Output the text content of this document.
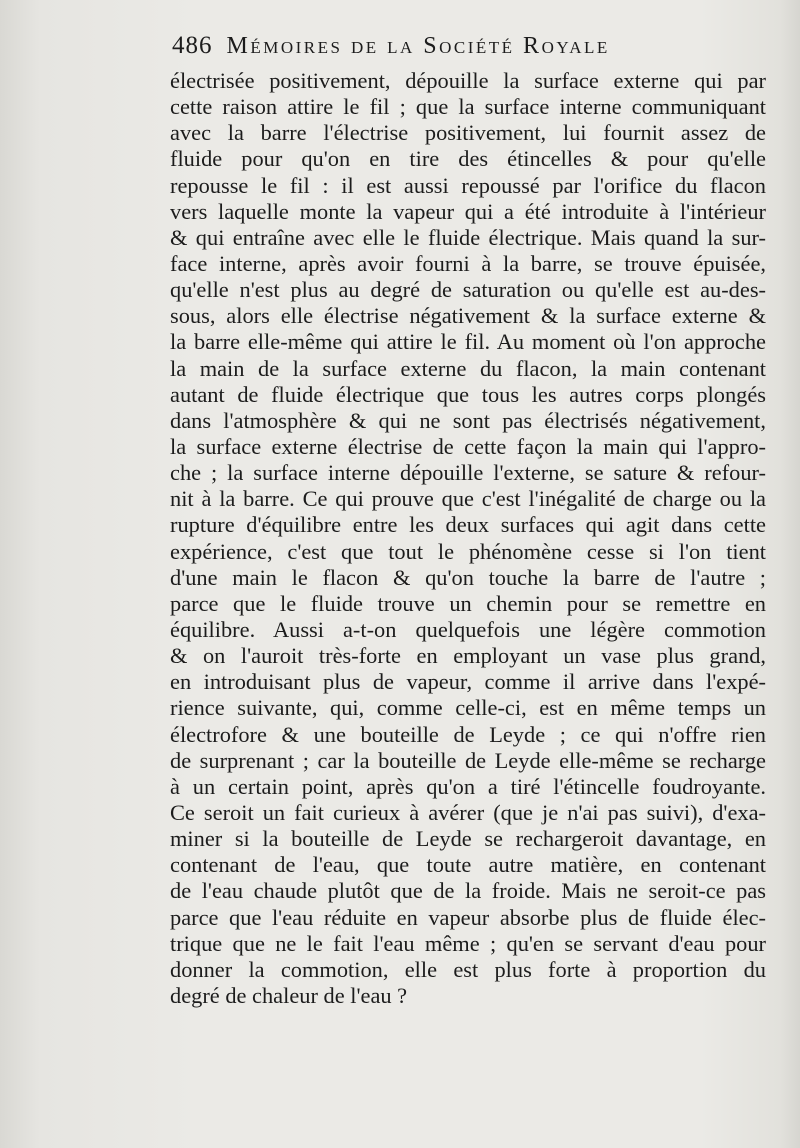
486 Mémoires de la Société Royale
électrisée positivement, dépouille la surface externe qui par
cette raison attire le fil ; que la surface interne communiquant
avec la barre l'électrise positivement, lui fournit assez de
fluide pour qu'on en tire des étincelles & pour qu'elle
repousse le fil : il est aussi repoussé par l'orifice du flacon
vers laquelle monte la vapeur qui a été introduite à l'intérieur
& qui entraîne avec elle le fluide électrique. Mais quand la sur-
face interne, après avoir fourni à la barre, se trouve épuisée,
qu'elle n'est plus au degré de saturation ou qu'elle est au-des-
sous, alors elle électrise négativement & la surface externe &
la barre elle-même qui attire le fil. Au moment où l'on approche
la main de la surface externe du flacon, la main contenant
autant de fluide électrique que tous les autres corps plongés
dans l'atmosphère & qui ne sont pas électrisés négativement,
la surface externe électrise de cette façon la main qui l'appro-
che ; la surface interne dépouille l'externe, se sature & refour-
nit à la barre. Ce qui prouve que c'est l'inégalité de charge ou la
rupture d'équilibre entre les deux surfaces qui agit dans cette
expérience, c'est que tout le phénomène cesse si l'on tient
d'une main le flacon & qu'on touche la barre de l'autre ;
parce que le fluide trouve un chemin pour se remettre en
équilibre. Aussi a-t-on quelquefois une légère commotion
& on l'auroit très-forte en employant un vase plus grand,
en introduisant plus de vapeur, comme il arrive dans l'expé-
rience suivante, qui, comme celle-ci, est en même temps un
électrofore & une bouteille de Leyde ; ce qui n'offre rien
de surprenant ; car la bouteille de Leyde elle-même se recharge
à un certain point, après qu'on a tiré l'étincelle foudroyante.
Ce seroit un fait curieux à avérer (que je n'ai pas suivi), d'exa-
miner si la bouteille de Leyde se rechargeroit davantage, en
contenant de l'eau, que toute autre matière, en contenant
de l'eau chaude plutôt que de la froide. Mais ne seroit-ce pas
parce que l'eau réduite en vapeur absorbe plus de fluide élec-
trique que ne le fait l'eau même ; qu'en se servant d'eau pour
donner la commotion, elle est plus forte à proportion du
degré de chaleur de l'eau ?
